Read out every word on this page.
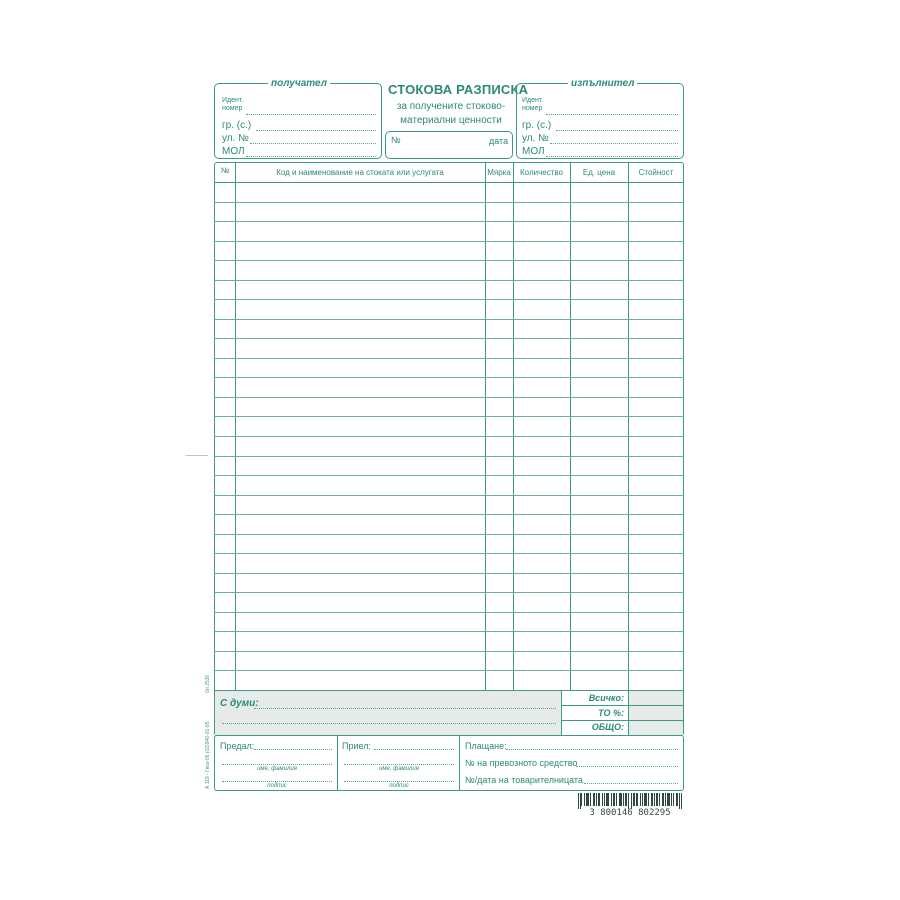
получател
Идент.
номер
гр. (с.)
ул. №
МОЛ
СТОКОВА РАЗПИСКА
за получените стоково-
материални ценности
№	дата
изпълнител
Идент.
номер
гр. (с.)
ул. №
МОЛ
№	Код и наименование на стоката или услугата	Мярка	Количество	Ед. цена	Стойност
С думи:	Всичко:
ТО %:
ОБЩО:
Предал:
име, фамилия
подпис
Приел:
име, фамилия
подпис
Плащане:
№ на превозното средство
№/дата на товарителницата
А 119 - Гвоз-05 (02)946-01-95
0л 2536
3 800146 802295
